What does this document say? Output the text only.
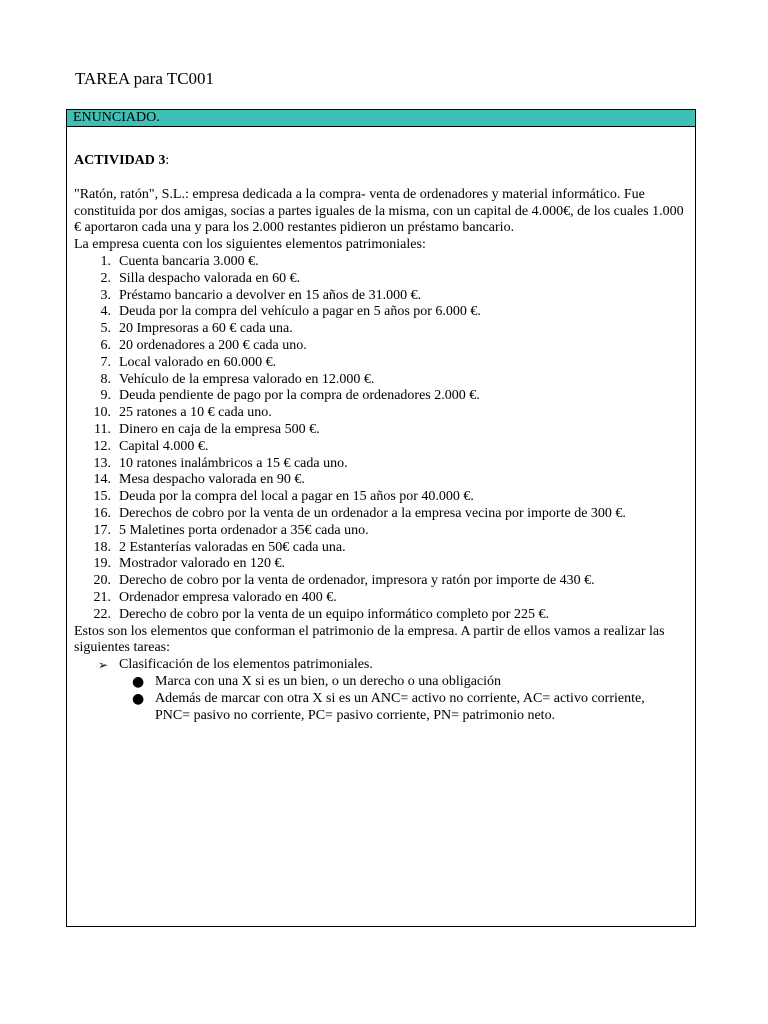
TAREA para TC001
ENUNCIADO.

ACTIVIDAD 3:

"Ratón, ratón", S.L.: empresa dedicada a la compra- venta de ordenadores y material informático. Fue constituida por dos amigas, socias a partes iguales de la misma, con un capital de 4.000€, de los cuales 1.000 € aportaron cada una y para los 2.000 restantes pidieron un préstamo bancario.

La empresa cuenta con los siguientes elementos patrimoniales:

1. Cuenta bancaria 3.000 €.
2. Silla despacho valorada en 60 €.
3. Préstamo bancario a devolver en 15 años de 31.000 €.
4. Deuda por la compra del vehículo a pagar en 5 años por 6.000 €.
5. 20 Impresoras a 60 € cada una.
6. 20 ordenadores a 200 € cada uno.
7. Local valorado en 60.000 €.
8. Vehículo de la empresa valorado en 12.000 €.
9. Deuda pendiente de pago por la compra de ordenadores 2.000 €.
10. 25 ratones a 10 € cada uno.
11. Dinero en caja de la empresa 500 €.
12. Capital 4.000 €.
13. 10 ratones inalámbricos a 15 € cada uno.
14. Mesa despacho valorada en 90 €.
15. Deuda por la compra del local a pagar en 15 años por 40.000 €.
16. Derechos de cobro por la venta de un ordenador a la empresa vecina por importe de 300 €.
17. 5 Maletines porta ordenador a 35€ cada uno.
18. 2 Estanterías valoradas en 50€ cada una.
19. Mostrador valorado en 120 €.
20. Derecho de cobro por la venta de ordenador, impresora y ratón por importe de 430 €.
21. Ordenador empresa valorado en 400 €.
22. Derecho de cobro por la venta de un equipo informático completo por 225 €.

Estos son los elementos que conforman el patrimonio de la empresa. A partir de ellos vamos a realizar las siguientes tareas:

➢ Clasificación de los elementos patrimoniales.
● Marca con una X si es un bien, o un derecho o una obligación
● Además de marcar con otra X si es un ANC= activo no corriente, AC= activo corriente, PNC= pasivo no corriente, PC= pasivo corriente, PN= patrimonio neto.
